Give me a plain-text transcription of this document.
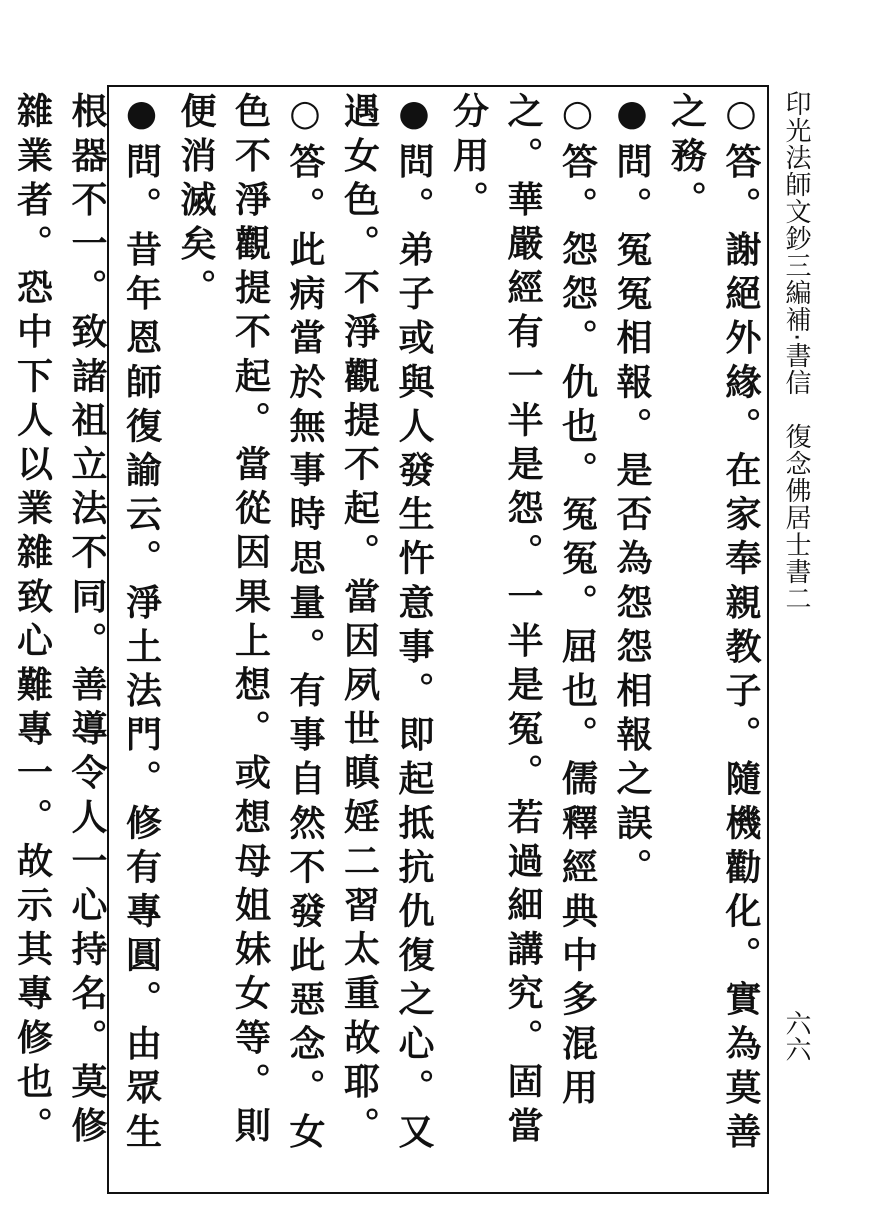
印光法師文鈔三編補·書信　復念佛居士書二
六六

○答。謝絕外緣。在家奉親教子。隨機勸化。實為莫善之務。

●問。冤冤相報。是否為怨怨相報之誤。

○答。怨怨。仇也。冤冤。屈也。儒釋經典中多混用之。華嚴經有一半是怨。一半是冤。若過細講究。固當分用。

●問。弟子或與人發生忤意事。即起抵抗仇復之心。又遇女色。不淨觀提不起。當因夙世瞋婬二習太重故耶。

○答。此病當於無事時思量。有事自然不發此惡念。女色不淨觀提不起。當從因果上想。或想母姐妹女等。則便消滅矣。

●問。昔年恩師復諭云。淨土法門。修有專圓。由眾生根器不一。致諸祖立法不同。善導令人一心持名。莫修雜業者。恐中下人以業雜致心難專一。故示其專修也。
